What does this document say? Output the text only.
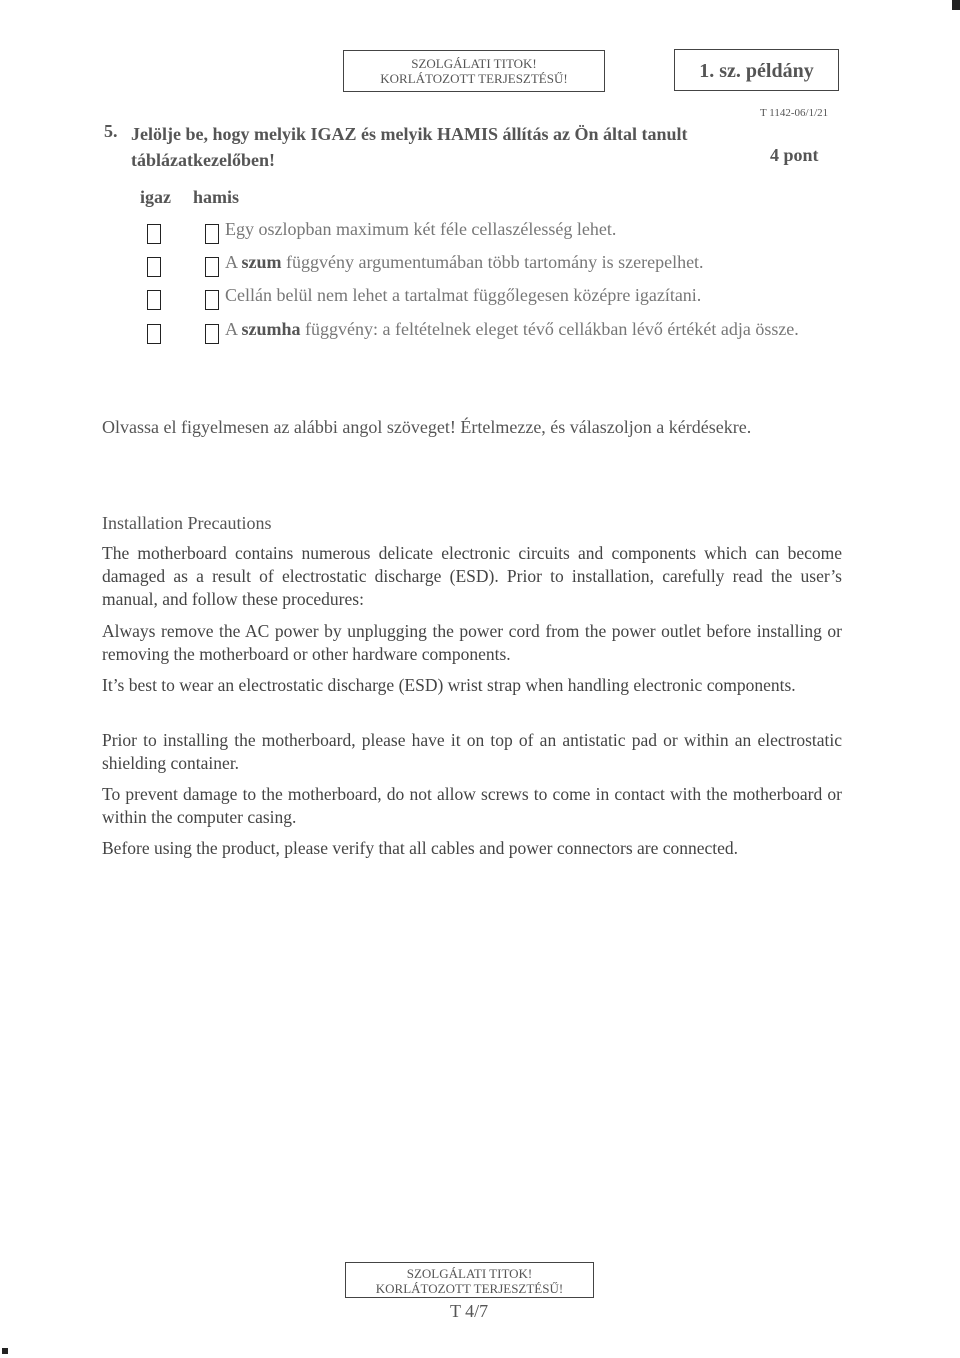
SZOLGÁLATI TITOK!
KORLÁTOZOTT TERJESZTÉSŰ!	1. sz. példány
T 1142-06/1/21
5. Jelölje be, hogy melyik IGAZ és melyik HAMIS állítás az Ön által tanult táblázatkezelőben!	4 pont
igaz hamis
Egy oszlopban maximum két féle cellaszélesség lehet.
A szum függvény argumentumában több tartomány is szerepelhet.
Cellán belül nem lehet a tartalmat függőlegesen középre igazítani.
A szumha függvény: a feltételnek eleget tévő cellákban lévő értékét adja össze.
Olvassa el figyelmesen az alábbi angol szöveget! Értelmezze, és válaszoljon a kérdésekre.
Installation Precautions
The motherboard contains numerous delicate electronic circuits and components which can become damaged as a result of electrostatic discharge (ESD). Prior to installation, carefully read the user’s manual, and follow these procedures:
Always remove the AC power by unplugging the power cord from the power outlet before installing or removing the motherboard or other hardware components.
It’s best to wear an electrostatic discharge (ESD) wrist strap when handling electronic components.
Prior to installing the motherboard, please have it on top of an antistatic pad or within an electrostatic shielding container.
To prevent damage to the motherboard, do not allow screws to come in contact with the motherboard or within the computer casing.
Before using the product, please verify that all cables and power connectors are connected.
SZOLGÁLATI TITOK!
KORLÁTOZOTT TERJESZTÉSŰ!
T 4/7
